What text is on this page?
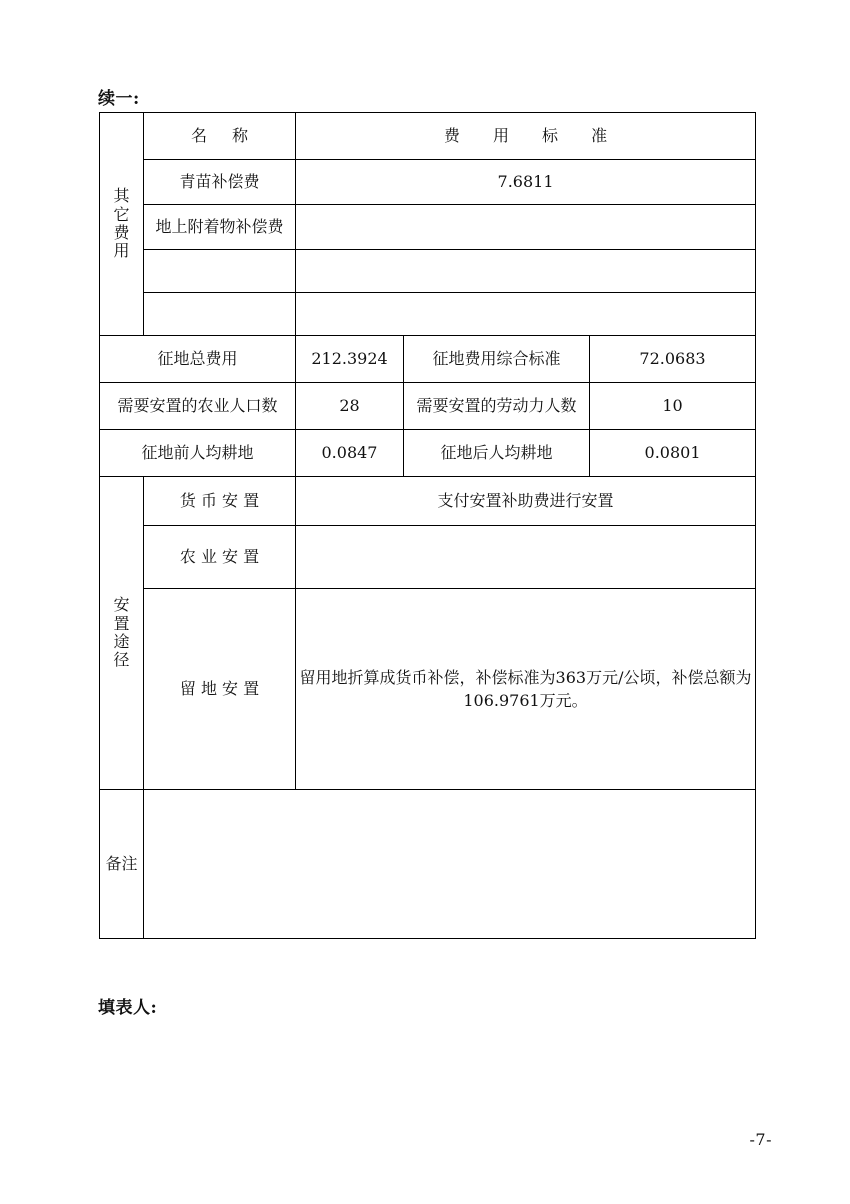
续一:
其
它
费
用	名 称	费 用 标 准		
	青苗补偿费	7.6811		
	地上附着物补偿费			

征地总费用		212.3924	征地费用综合标准	72.0683
需要安置的农业人口数		28	需要安置的劳动力人数	10
征地前人均耕地		0.0847	征地后人均耕地	0.0801

安
置
途
径	货 币 安 置	支付安置补助费进行安置		
	农 业 安 置			
	留 地 安 置	留用地折算成货币补偿，补偿标准为363万元/公顷，补偿总额为106.9761万元。		
备注				
填表人:
-7-
